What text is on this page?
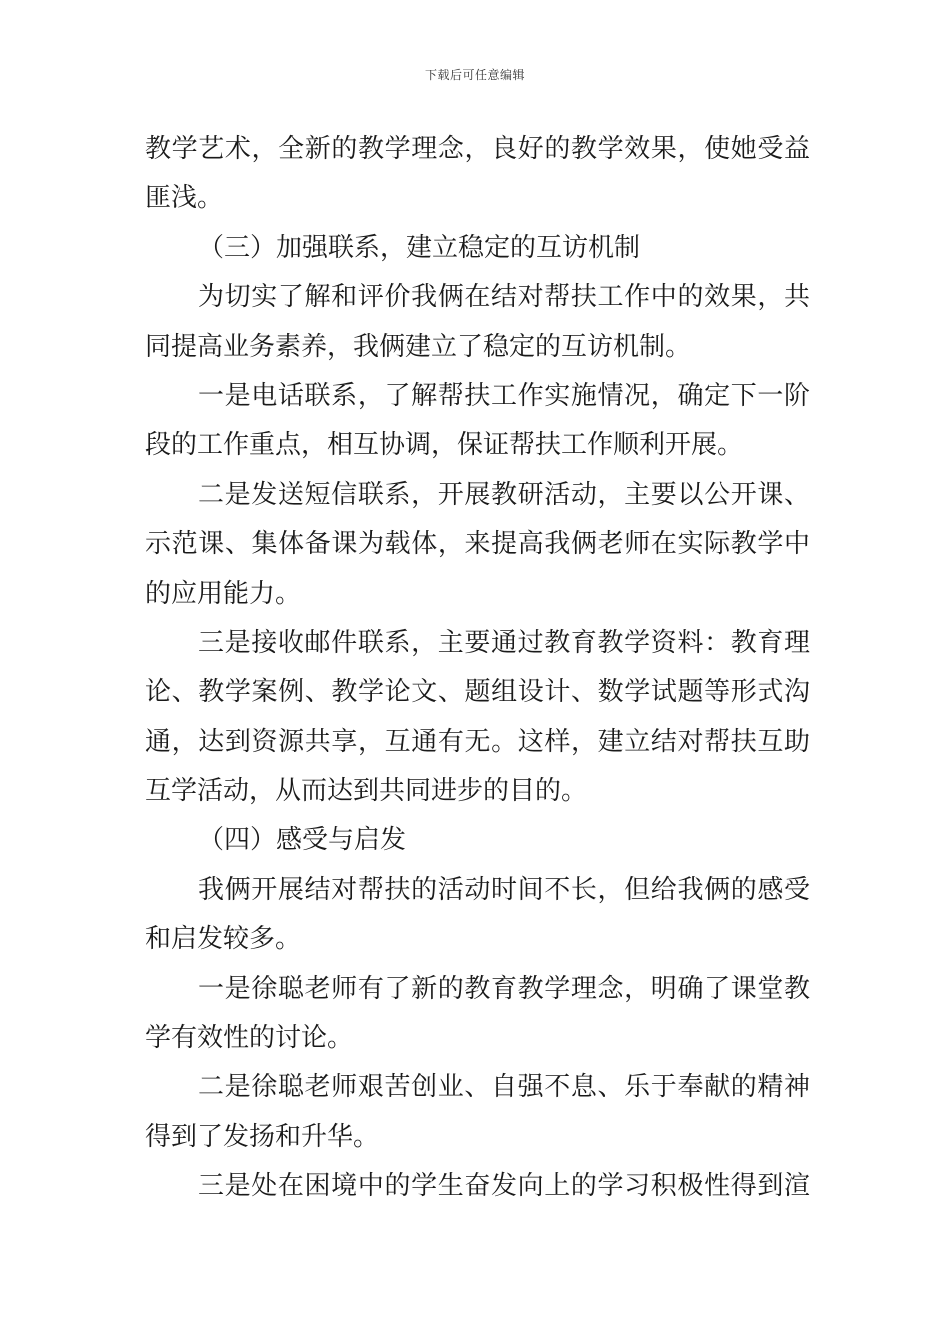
下载后可任意编辑
教学艺术，全新的教学理念，良好的教学效果，使她受益
匪浅。
（三）加强联系，建立稳定的互访机制
为切实了解和评价我俩在结对帮扶工作中的效果，共
同提高业务素养，我俩建立了稳定的互访机制。
一是电话联系，了解帮扶工作实施情况，确定下一阶
段的工作重点，相互协调，保证帮扶工作顺利开展。
二是发送短信联系，开展教研活动，主要以公开课、
示范课、集体备课为载体，来提高我俩老师在实际教学中
的应用能力。
三是接收邮件联系，主要通过教育教学资料：教育理
论、教学案例、教学论文、题组设计、数学试题等形式沟
通，达到资源共享，互通有无。这样，建立结对帮扶互助
互学活动，从而达到共同进步的目的。
（四）感受与启发
我俩开展结对帮扶的活动时间不长，但给我俩的感受
和启发较多。
一是徐聪老师有了新的教育教学理念，明确了课堂教
学有效性的讨论。
二是徐聪老师艰苦创业、自强不息、乐于奉献的精神
得到了发扬和升华。
三是处在困境中的学生奋发向上的学习积极性得到渲
